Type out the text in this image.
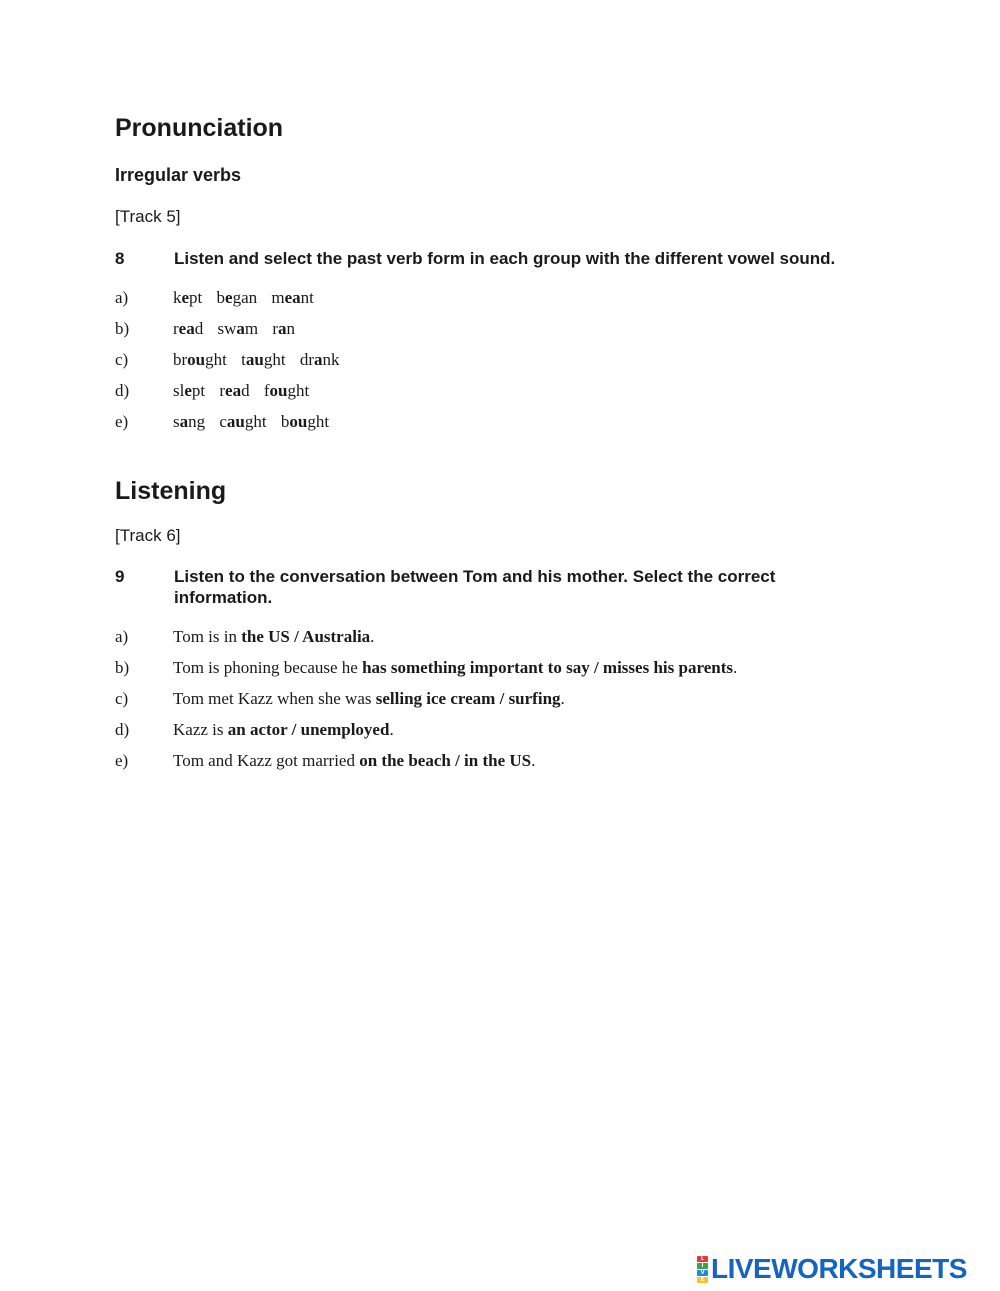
Pronunciation
Irregular verbs
[Track 5]
8	Listen and select the past verb form in each group with the different vowel sound.
a)	kept began meant
b)	read swam ran
c)	brought taught drank
d)	slept read fought
e)	sang caught bought
Listening
[Track 6]
9	Listen to the conversation between Tom and his mother. Select the correct information.
a)	Tom is in the US / Australia.
b)	Tom is phoning because he has something important to say / misses his parents.
c)	Tom met Kazz when she was selling ice cream / surfing.
d)	Kazz is an actor / unemployed.
e)	Tom and Kazz got married on the beach / in the US.
L
I
V
E LIVEWORKSHEETS
